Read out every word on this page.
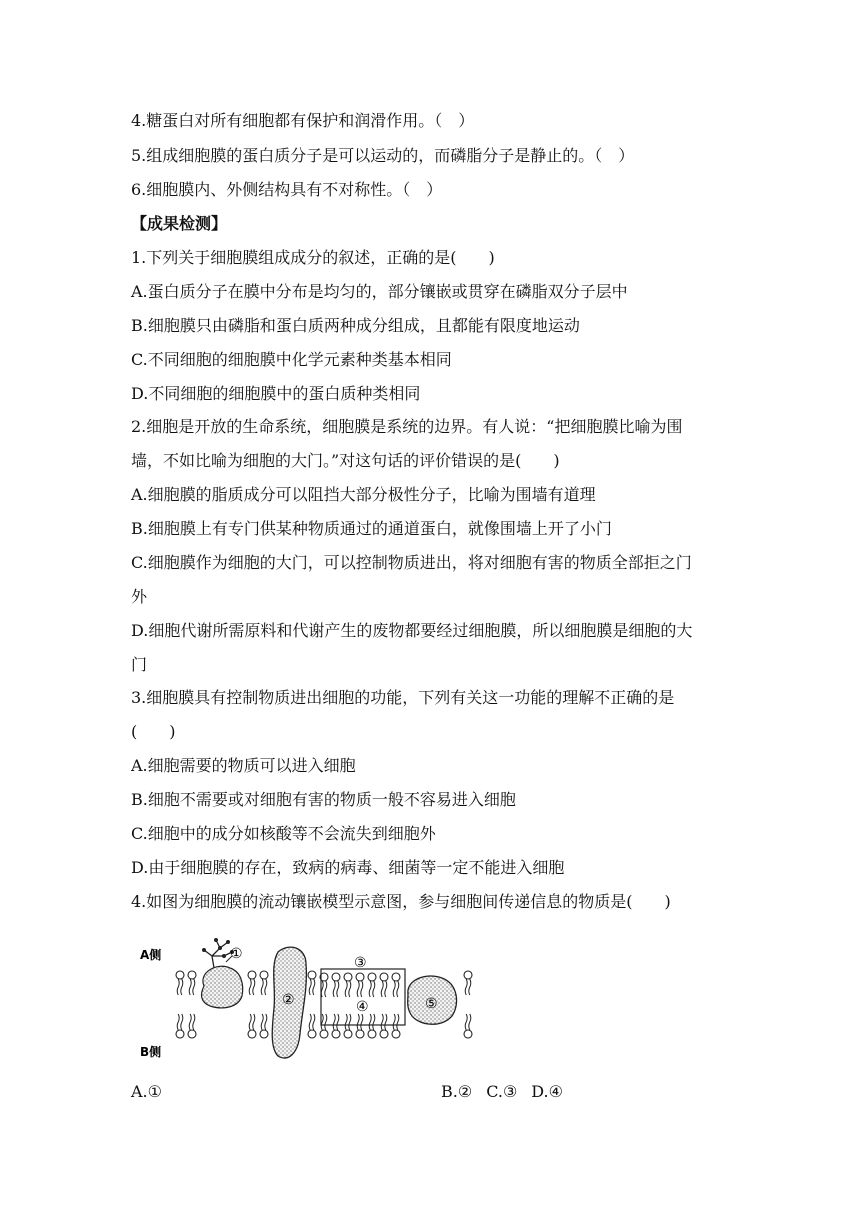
4.糖蛋白对所有细胞都有保护和润滑作用。（　）
5.组成细胞膜的蛋白质分子是可以运动的，而磷脂分子是静止的。（　）
6.细胞膜内、外侧结构具有不对称性。（　）
【成果检测】
1.下列关于细胞膜组成成分的叙述，正确的是(　　)
A.蛋白质分子在膜中分布是均匀的，部分镶嵌或贯穿在磷脂双分子层中
B.细胞膜只由磷脂和蛋白质两种成分组成，且都能有限度地运动
C.不同细胞的细胞膜中化学元素种类基本相同
D.不同细胞的细胞膜中的蛋白质种类相同
2.细胞是开放的生命系统，细胞膜是系统的边界。有人说：“把细胞膜比喻为围
墙，不如比喻为细胞的大门。”对这句话的评价错误的是(　　)
A.细胞膜的脂质成分可以阻挡大部分极性分子，比喻为围墙有道理
B.细胞膜上有专门供某种物质通过的通道蛋白，就像围墙上开了小门
C.细胞膜作为细胞的大门，可以控制物质进出，将对细胞有害的物质全部拒之门
外
D.细胞代谢所需原料和代谢产生的废物都要经过细胞膜，所以细胞膜是细胞的大
门
3.细胞膜具有控制物质进出细胞的功能，下列有关这一功能的理解不正确的是
(　　)
A.细胞需要的物质可以进入细胞
B.细胞不需要或对细胞有害的物质一般不容易进入细胞
C.细胞中的成分如核酸等不会流失到细胞外
D.由于细胞膜的存在，致病的病毒、细菌等一定不能进入细胞
4.如图为细胞膜的流动镶嵌模型示意图，参与细胞间传递信息的物质是(　　)
A侧
B侧
①
②
③
④	⑤
A.①	B.② C.③ D.④
